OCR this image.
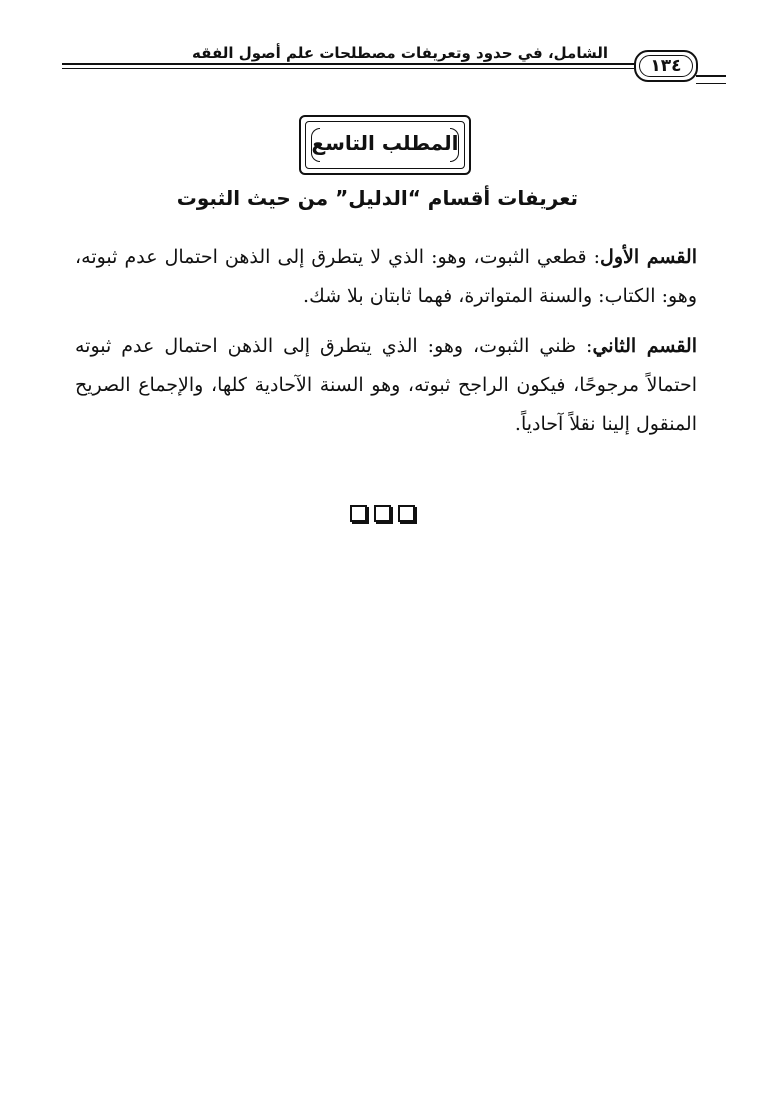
الشامل، في حدود وتعريفات مصطلحات علم أصول الفقه
١٣٤
المطلب التاسع
تعريفات أقسام “الدليل” من حيث الثبوت
القسم الأول: قطعي الثبوت، وهو: الذي لا يتطرق إلى الذهن احتمال عدم ثبوته، وهو: الكتاب: والسنة المتواترة، فهما ثابتان بلا شك.
القسم الثاني: ظني الثبوت، وهو: الذي يتطرق إلى الذهن احتمال عدم ثبوته احتمالاً مرجوحًا، فيكون الراجح ثبوته، وهو السنة الآحادية كلها، والإجماع الصريح المنقول إلينا نقلاً آحادياً.
